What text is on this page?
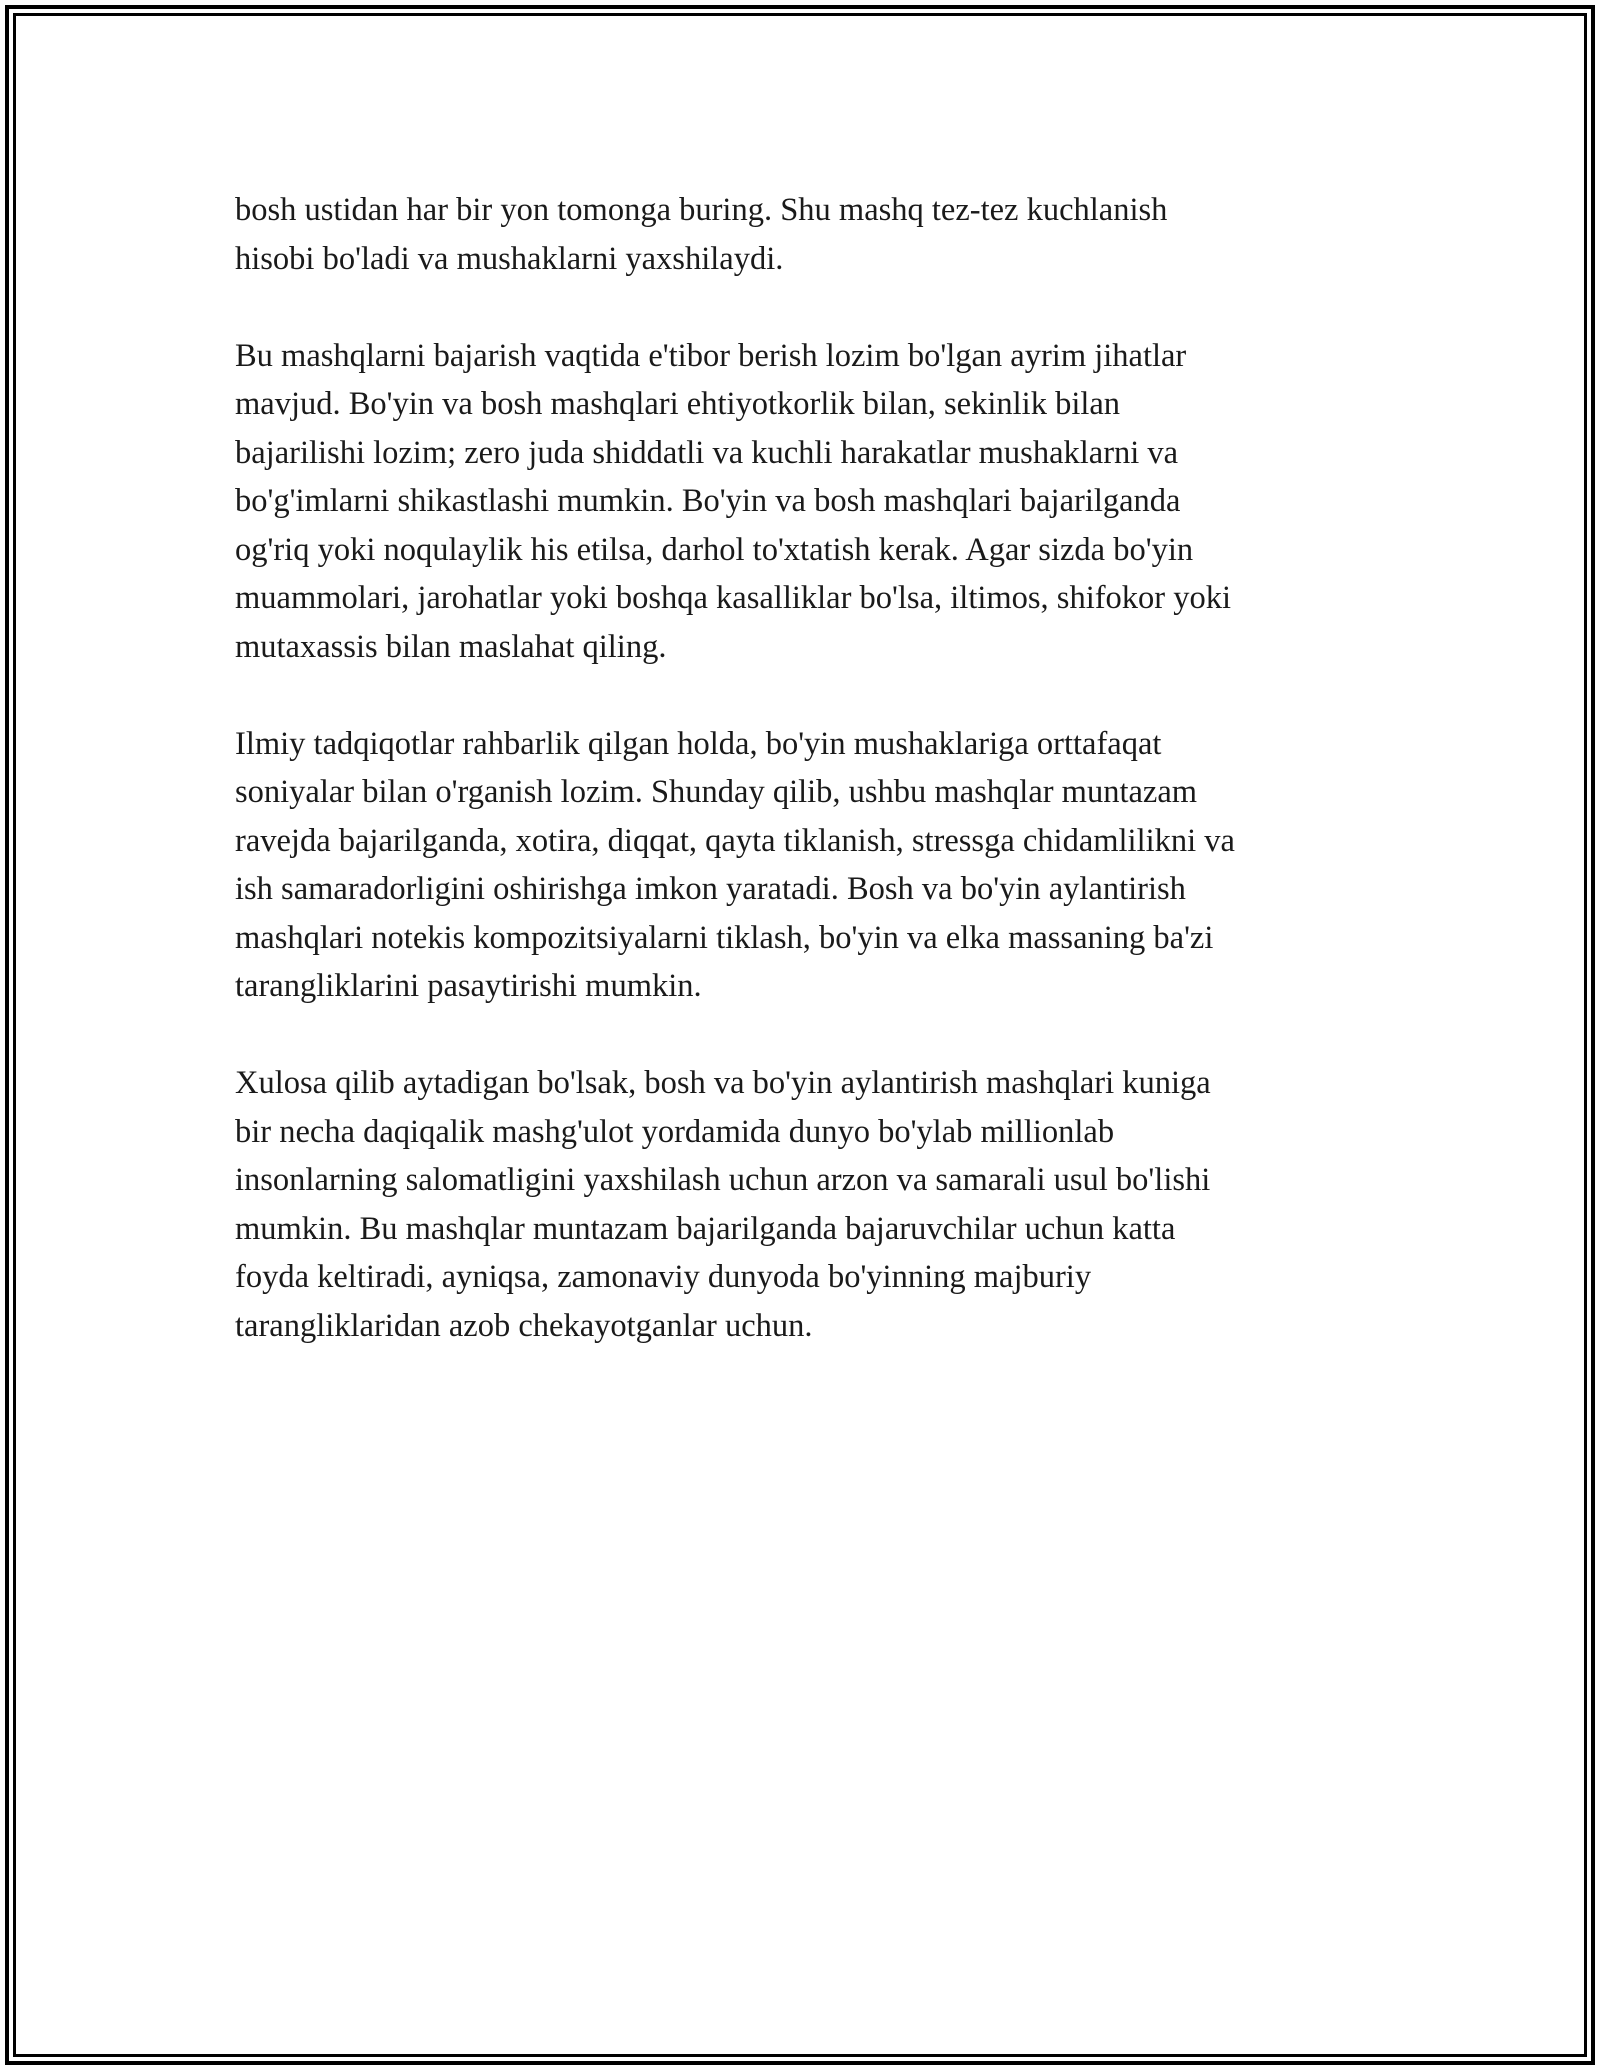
bosh ustidan har bir yon tomonga buring. Shu mashq tez-tez kuchlanish
hisobi bo'ladi va mushaklarni yaxshilaydi.

Bu mashqlarni bajarish vaqtida e'tibor berish lozim bo'lgan ayrim jihatlar
mavjud. Bo'yin va bosh mashqlari ehtiyotkorlik bilan, sekinlik bilan
bajarilishi lozim; zero juda shiddatli va kuchli harakatlar mushaklarni va
bo'g'imlarni shikastlashi mumkin. Bo'yin va bosh mashqlari bajarilganda
og'riq yoki noqulaylik his etilsa, darhol to'xtatish kerak. Agar sizda bo'yin
muammolari, jarohatlar yoki boshqa kasalliklar bo'lsa, iltimos, shifokor yoki
mutaxassis bilan maslahat qiling.

Ilmiy tadqiqotlar rahbarlik qilgan holda, bo'yin mushaklariga orttafaqat
soniyalar bilan o'rganish lozim. Shunday qilib, ushbu mashqlar muntazam
ravejda bajarilganda, xotira, diqqat, qayta tiklanish, stressga chidamlilikni va
ish samaradorligini oshirishga imkon yaratadi. Bosh va bo'yin aylantirish
mashqlari notekis kompozitsiyalarni tiklash, bo'yin va elka massaning ba'zi
tarangliklarini pasaytirishi mumkin.

Xulosa qilib aytadigan bo'lsak, bosh va bo'yin aylantirish mashqlari kuniga
bir necha daqiqalik mashg'ulot yordamida dunyo bo'ylab millionlab
insonlarning salomatligini yaxshilash uchun arzon va samarali usul bo'lishi
mumkin. Bu mashqlar muntazam bajarilganda bajaruvchilar uchun katta
foyda keltiradi, ayniqsa, zamonaviy dunyoda bo'yinning majburiy
tarangliklaridan azob chekayotganlar uchun.
